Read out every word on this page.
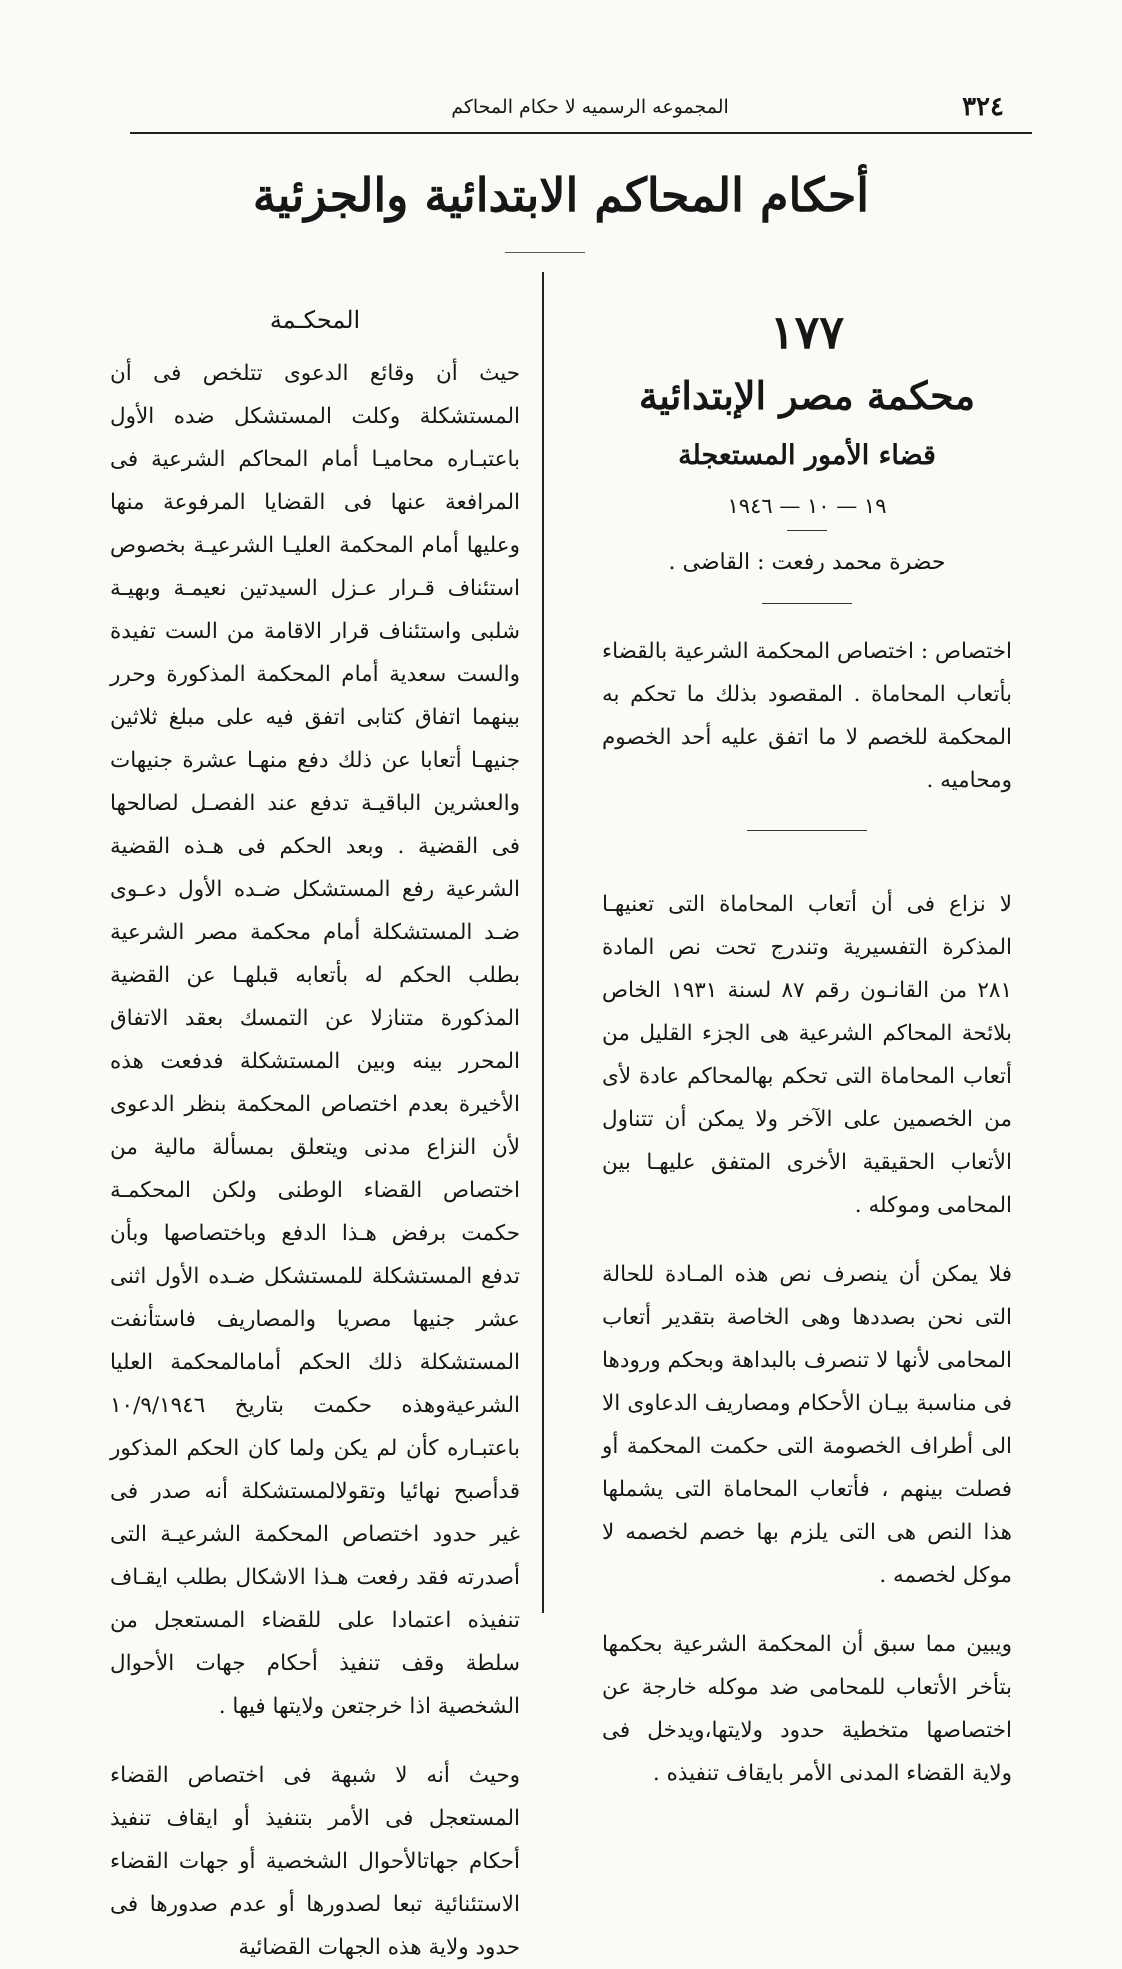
٣٢٤
المجموعه الرسميه لا حكام المحاكم
أحكام المحاكم الابتدائية والجزئية

١٧٧

محكمة مصر الإبتدائية

قضاء الأمور المستعجلة

١٩ — ١٠ — ١٩٤٦

حضرة محمد رفعت : القاضى .

اختصاص : اختصاص المحكمة الشرعية بالقضاء بأتعاب المحاماة . المقصود بذلك ما تحكم به المحكمة للخصم لا ما اتفق عليه أحد الخصوم ومحاميه .

لا نزاع فى أن أتعاب المحاماة التى تعنيهـا المذكرة التفسيرية وتندرج تحت نص المادة ٢٨١ من القانـون رقم ٨٧ لسنة ١٩٣١ الخاص بلائحة المحاكم الشرعية هى الجزء القليل من أتعاب المحاماة التى تحكم بهالمحاكم عادة لأى من الخصمين على الآخر ولا يمكن أن تتناول الأتعاب الحقيقية الأخرى المتفق عليهـا بين المحامى وموكله .

فلا يمكن أن ينصرف نص هذه المـادة للحالة التى نحن بصددها وهى الخاصة بتقدير أتعاب المحامى لأنها لا تنصرف بالبداهة وبحكم ورودها فى مناسبة بيـان الأحكام ومصاريف الدعاوى الا الى أطراف الخصومة التى حكمت المحكمة أو فصلت بينهم ، فأتعاب المحاماة التى يشملها هذا النص هى التى يلزم بها خصم لخصمه لا موكل لخصمه .

ويبين مما سبق أن المحكمة الشرعية بحكمها بتأخر الأتعاب للمحامى ضد موكله خارجة عن اختصاصها متخطية حدود ولايتها،ويدخل فى ولاية القضاء المدنى الأمر بايقاف تنفيذه .

المحكـمة

حيث أن وقائع الدعوى تتلخص فى أن المستشكلة وكلت المستشكل ضده الأول باعتبـاره محاميـا أمام المحاكم الشرعية فى المرافعة عنها فى القضايا المرفوعة منها وعليها أمام المحكمة العليـا الشرعيـة بخصوص استئناف قـرار عـزل السيدتين نعيمـة وبهيـة شلبى واستئناف قرار الاقامة من الست تفيدة والست سعدية أمام المحكمة المذكورة وحرر بينهما اتفاق كتابى اتفق فيه على مبلغ ثلاثين جنيهـا أتعابا عن ذلك دفع منهـا عشرة جنيهات والعشرين الباقيـة تدفع عند الفصـل لصالحها فى القضية . وبعد الحكم فى هـذه القضية الشرعية رفع المستشكل ضـده الأول دعـوى ضـد المستشكلة أمام محكمة مصر الشرعية بطلب الحكم له بأتعابه قبلهـا عن القضية المذكورة متنازلا عن التمسك بعقد الاتفاق المحرر بينه وبين المستشكلة فدفعت هذه الأخيرة بعدم اختصاص المحكمة بنظر الدعوى لأن النزاع مدنى ويتعلق بمسألة مالية من اختصاص القضاء الوطنى ولكن المحكمـة حكمت برفض هـذا الدفع وباختصاصها وبأن تدفع المستشكلة للمستشكل ضـده الأول اثنى عشر جنيها مصريا والمصاريف فاستأنفت المستشكلة ذلك الحكم أمامالمحكمة العليا الشرعيةوهذه حكمت بتاريخ ١٠/٩/١٩٤٦ باعتبـاره كأن لم يكن ولما كان الحكم المذكور قدأصبح نهائيا وتقولالمستشكلة أنه صدر فى غير حدود اختصاص المحكمة الشرعيـة التى أصدرته فقد رفعت هـذا الاشكال بطلب ايقـاف تنفيذه اعتمادا على للقضاء المستعجل من سلطة وقف تنفيذ أحكام جهات الأحوال الشخصية اذا خرجتعن ولايتها فيها .

وحيث أنه لا شبهة فى اختصاص القضاء المستعجل فى الأمر بتنفيذ أو ايقاف تنفيذ أحكام جهاتالأحوال الشخصية أو جهات القضاء الاستئنائية تبعا لصدورها أو عدم صدورها فى حدود ولاية هذه الجهات القضائية
